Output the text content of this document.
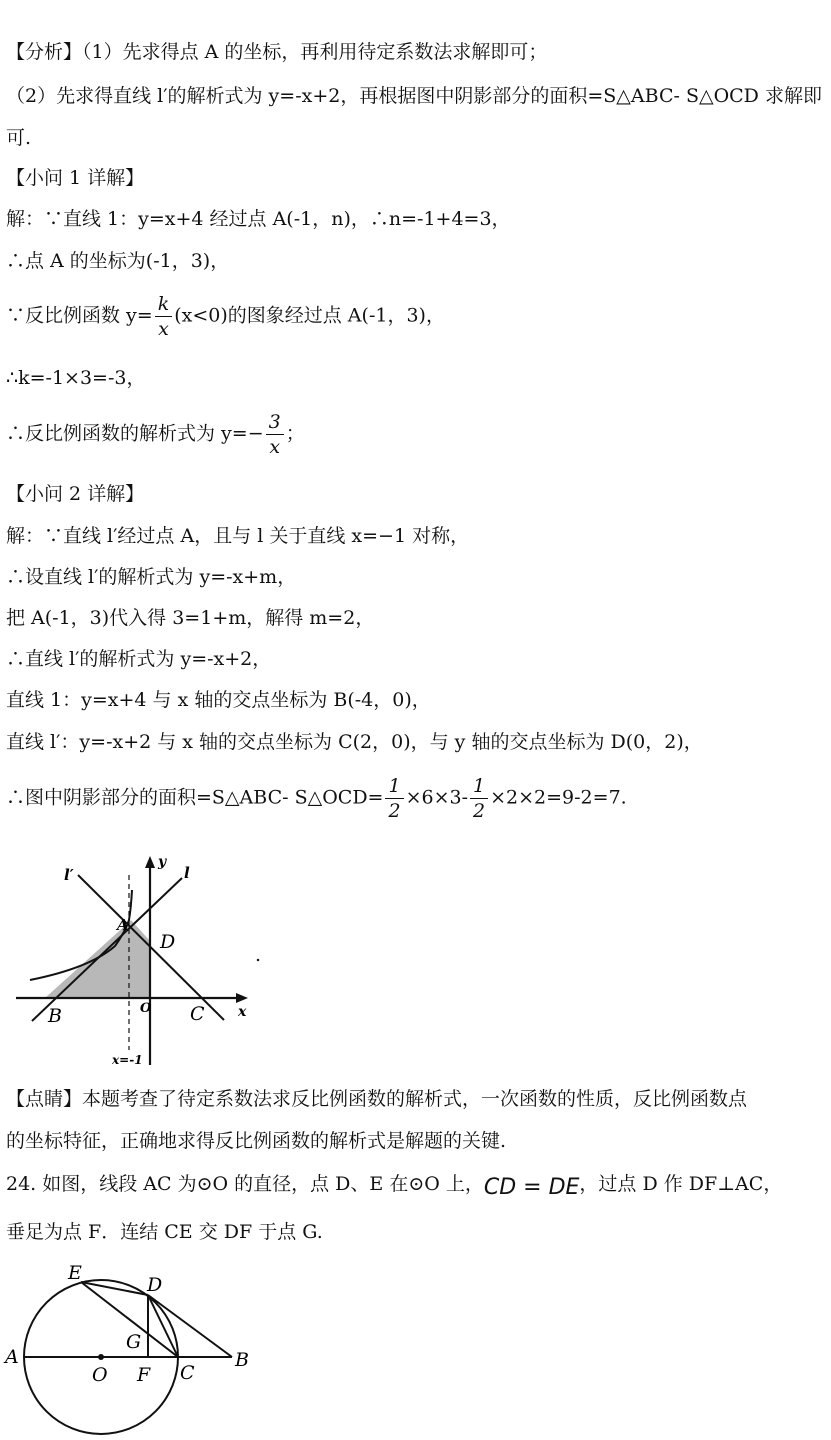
【分析】（1）先求得点 A 的坐标，再利用待定系数法求解即可；
（2）先求得直线 l′的解析式为 y=-x+2，再根据图中阴影部分的面积=S△ABC- S△OCD 求解即
可.
【小问 1 详解】
解：∵直线 1：y=x+4 经过点 A(-1，n)，∴n=-1+4=3，
∴点 A 的坐标为(-1，3)，
∵反比例函数 $y= \frac{k}{x} (x<0)$的图象经过点 A(-1，3)，
∴k=-1×3=-3，
∴反比例函数的解析式为 $y=- \frac{3}{x}$ ；
【小问 2 详解】
解：∵直线 l′经过点 A，且与 l 关于直线 x=−1 对称，
∴设直线 l′的解析式为 y=-x+m，
把 A(-1，3)代入得 3=1+m，解得 m=2，
∴直线 l′的解析式为 y=-x+2，
直线 1：y=x+4 与 x 轴的交点坐标为 B(-4，0)，
直线 l′：y=-x+2 与 x 轴的交点坐标为 C(2，0)，与 y 轴的交点坐标为 D(0，2)，
∴图中阴影部分的面积=S△ABC- S△OCD= $\frac{1}{2} \times 6\times 3- \frac{1}{2} \times 2\times 2=9-2=7$.
l′	l
y
x
A
D
B	O C
x=-1
.
【点睛】本题考查了待定系数法求反比例函数的解析式，一次函数的性质，反比例函数点
的坐标特征，正确地求得反比例函数的解析式是解题的关键.
24. 如图，线段 AC 为⊙O 的直径，点 D、E 在⊙O 上，CD = DE，过点 D 作 DF⊥AC，
垂足为点 F．连结 CE 交 DF 于点 G.
E
D
G
A
O F C
B
